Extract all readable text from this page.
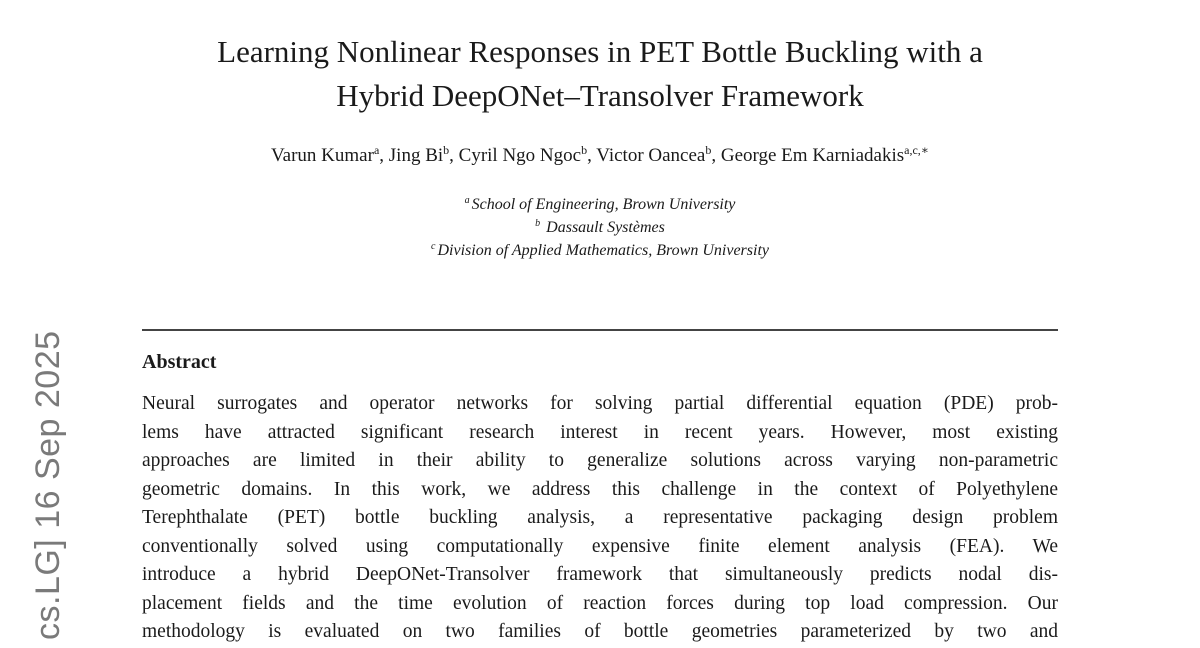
Learning Nonlinear Responses in PET Bottle Buckling with a
Hybrid DeepONet–Transolver Framework
Varun Kumar$^a$, Jing Bi$^b$, Cyril Ngo Ngoc$^b$, Victor Oancea$^b$, George Em Karniadakis$^{a,c,∗}$
$^a$ School of Engineering, Brown University
$^b$ Dassault Systèmes
$^c$ Division of Applied Mathematics, Brown University
Abstract
Neural surrogates and operator networks for solving partial differential equation (PDE) prob-
lems have attracted significant research interest in recent years. However, most existing
approaches are limited in their ability to generalize solutions across varying non-parametric
geometric domains. In this work, we address this challenge in the context of Polyethylene
Terephthalate (PET) bottle buckling analysis, a representative packaging design problem
conventionally solved using computationally expensive finite element analysis (FEA). We
introduce a hybrid DeepONet-Transolver framework that simultaneously predicts nodal dis-
placement fields and the time evolution of reaction forces during top load compression. Our
methodology is evaluated on two families of bottle geometries parameterized by two and
cs.LG] 16 Sep 2025
